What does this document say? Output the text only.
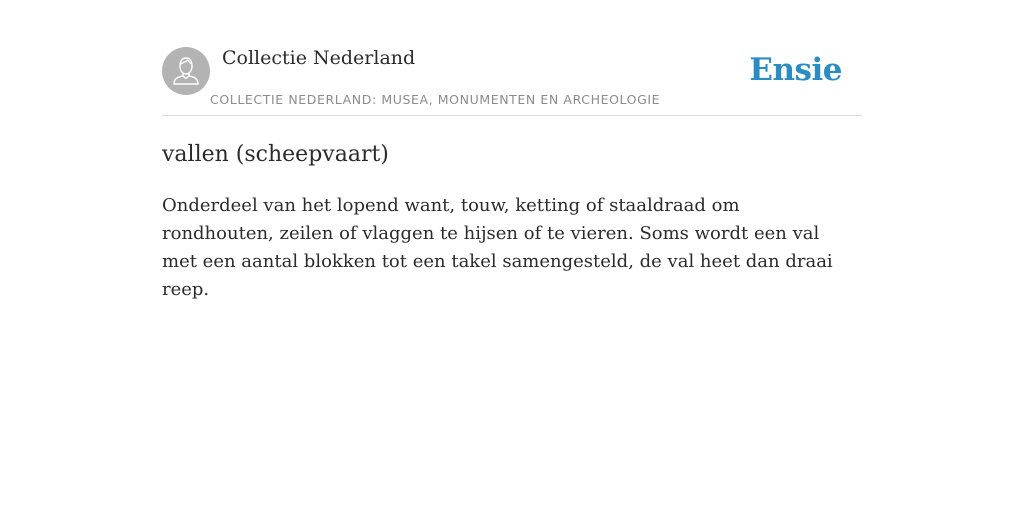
Collectie Nederland
COLLECTIE NEDERLAND: MUSEA, MONUMENTEN EN ARCHEOLOGIE
Ensie
vallen (scheepvaart)

Onderdeel van het lopend want, touw, ketting of staaldraad om rondhouten, zeilen of vlaggen te hijsen of te vieren. Soms wordt een val met een aantal blokken tot een takel samengesteld, de val heet dan draai reep.
